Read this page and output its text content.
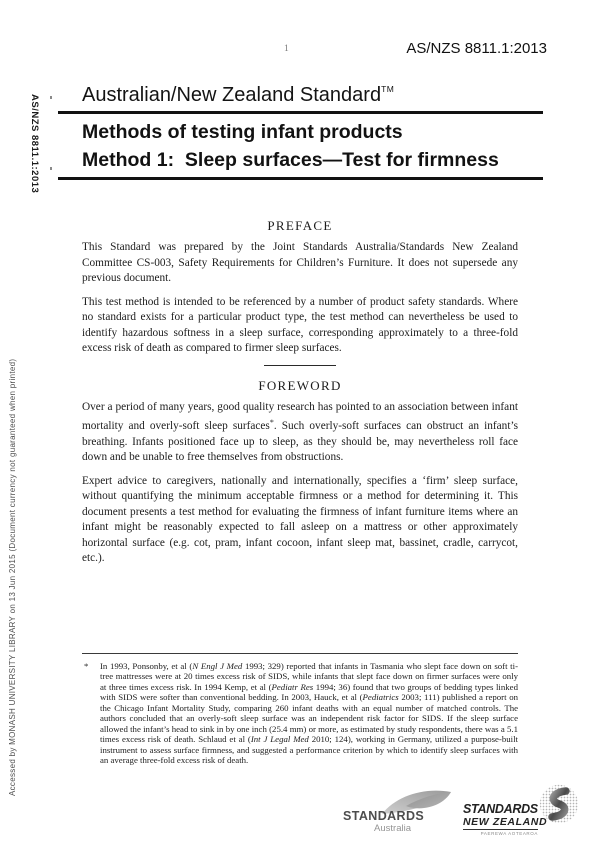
AS/NZS 8811.1:2013
Accessed by MONASH UNIVERSITY LIBRARY on 13 Jun 2015 (Document currency not guaranteed when printed)
AS/NZS 8811.1:2013
1
Australian/New Zealand Standard™
Methods of testing infant products
Method 1:  Sleep surfaces—Test for firmness
PREFACE

This Standard was prepared by the Joint Standards Australia/Standards New Zealand Committee CS-003, Safety Requirements for Children’s Furniture. It does not supersede any previous document.

This test method is intended to be referenced by a number of product safety standards. Where no standard exists for a particular product type, the test method can nevertheless be used to identify hazardous softness in a sleep surface, corresponding approximately to a three-fold excess risk of death as compared to firmer sleep surfaces.

FOREWORD

Over a period of many years, good quality research has pointed to an association between infant mortality and overly-soft sleep surfaces*. Such overly-soft surfaces can obstruct an infant’s breathing. Infants positioned face up to sleep, as they should be, may nevertheless roll face down and be unable to free themselves from obstructions.

Expert advice to caregivers, nationally and internationally, specifies a ‘firm’ sleep surface, without quantifying the minimum acceptable firmness or a method for determining it. This document presents a test method for evaluating the firmness of infant furniture items where an infant might be reasonably expected to fall asleep on a mattress or other approximately horizontal surface (e.g. cot, pram, infant cocoon, infant sleep mat, bassinet, cradle, carrycot, etc.).

* In 1993, Ponsonby, et al (N Engl J Med 1993; 329) reported that infants in Tasmania who slept face down on soft ti-tree mattresses were at 20 times excess risk of SIDS, while infants that slept face down on firmer surfaces were only at three times excess risk. In 1994 Kemp, et al (Pediatr Res 1994; 36) found that two groups of bedding types linked with SIDS were softer than conventional bedding. In 2003, Hauck, et al (Pediatrics 2003; 111) published a report on the Chicago Infant Mortality Study, comparing 260 infant deaths with an equal number of matched controls. The authors concluded that an overly-soft sleep surface was an independent risk factor for SIDS. If the sleep surface allowed the infant’s head to sink in by one inch (25.4 mm) or more, as estimated by study respondents, there was a 5.1 times excess risk of death. Schlaud et al (Int J Legal Med 2010; 124), working in Germany, utilized a purpose-built instrument to assess surface firmness, and suggested a performance criterion by which to identify sleep surfaces with an average three-fold excess risk of death.
STANDARDS
Australia
STANDARDS
NEW ZEALAND
PAEREWA AOTEAROA
